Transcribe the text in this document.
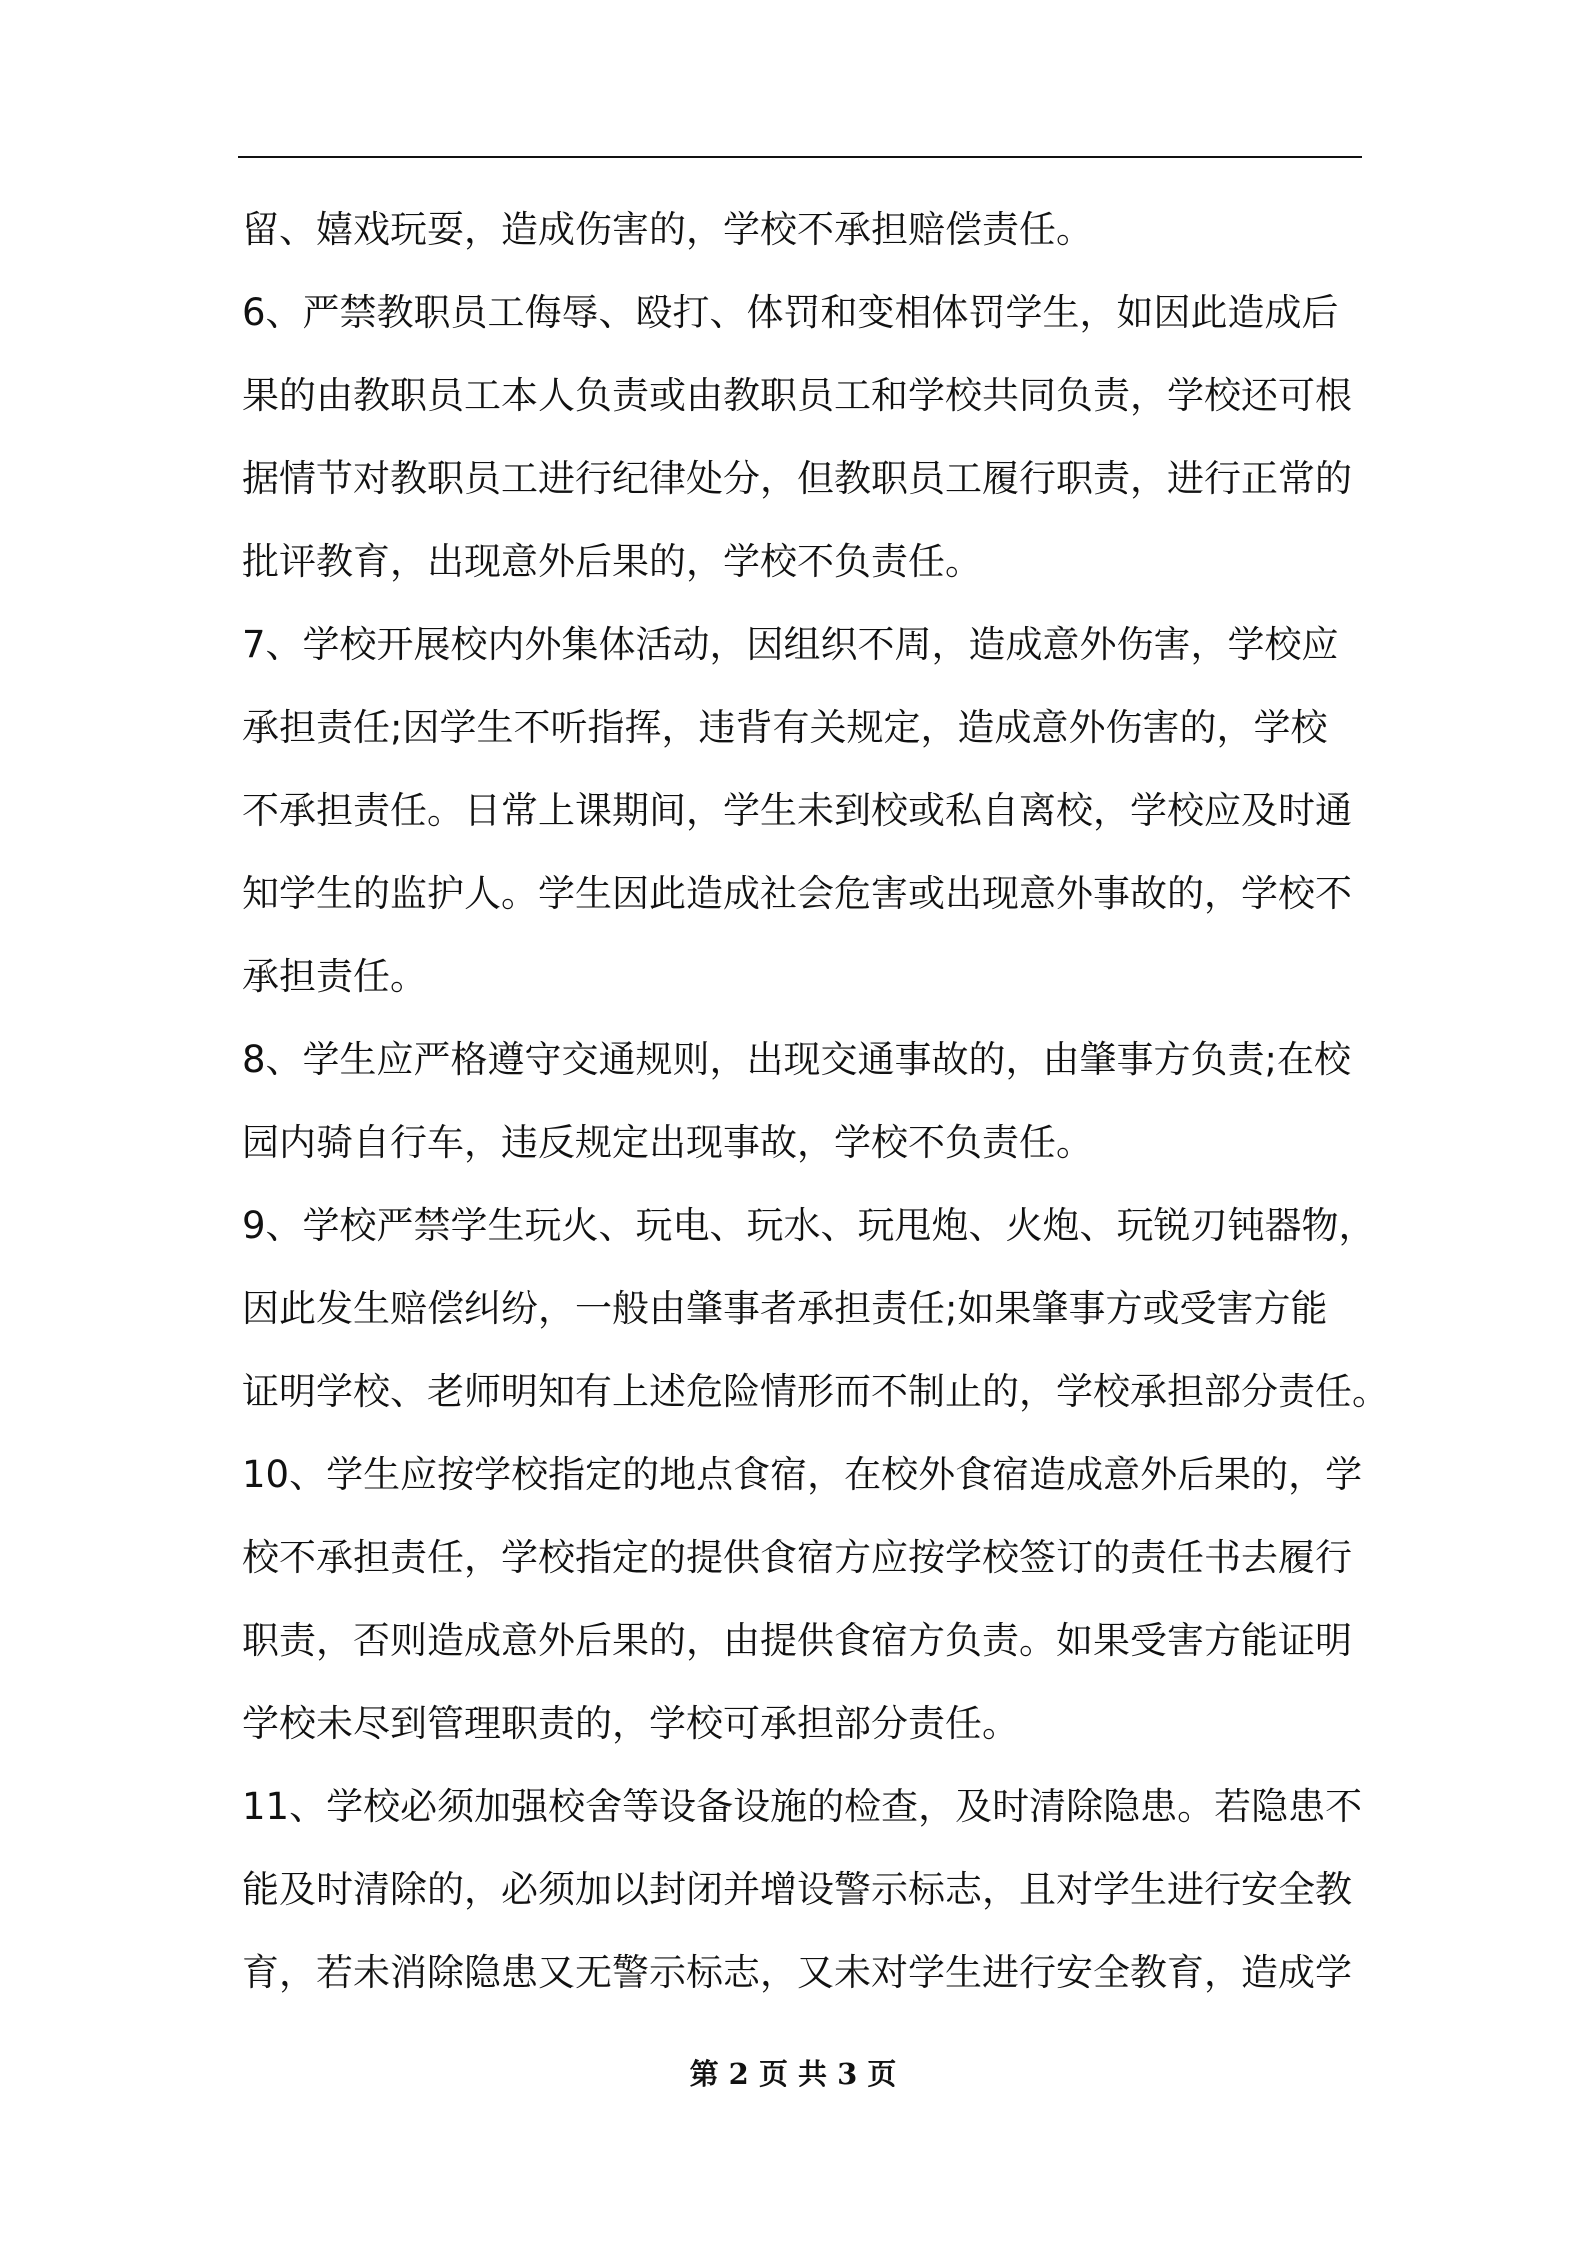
留、嬉戏玩耍，造成伤害的，学校不承担赔偿责任。
6、严禁教职员工侮辱、殴打、体罚和变相体罚学生，如因此造成后
果的由教职员工本人负责或由教职员工和学校共同负责，学校还可根
据情节对教职员工进行纪律处分，但教职员工履行职责，进行正常的
批评教育，出现意外后果的，学校不负责任。
7、学校开展校内外集体活动，因组织不周，造成意外伤害，学校应
承担责任;因学生不听指挥，违背有关规定，造成意外伤害的，学校
不承担责任。日常上课期间，学生未到校或私自离校，学校应及时通
知学生的监护人。学生因此造成社会危害或出现意外事故的，学校不
承担责任。
8、学生应严格遵守交通规则，出现交通事故的，由肇事方负责;在校
园内骑自行车，违反规定出现事故，学校不负责任。
9、学校严禁学生玩火、玩电、玩水、玩甩炮、火炮、玩锐刃钝器物，
因此发生赔偿纠纷，一般由肇事者承担责任;如果肇事方或受害方能
证明学校、老师明知有上述危险情形而不制止的，学校承担部分责任。
10、学生应按学校指定的地点食宿，在校外食宿造成意外后果的，学
校不承担责任，学校指定的提供食宿方应按学校签订的责任书去履行
职责，否则造成意外后果的，由提供食宿方负责。如果受害方能证明
学校未尽到管理职责的，学校可承担部分责任。
11、学校必须加强校舍等设备设施的检查，及时清除隐患。若隐患不
能及时清除的，必须加以封闭并增设警示标志，且对学生进行安全教
育，若未消除隐患又无警示标志，又未对学生进行安全教育，造成学
第 2 页 共 3 页
